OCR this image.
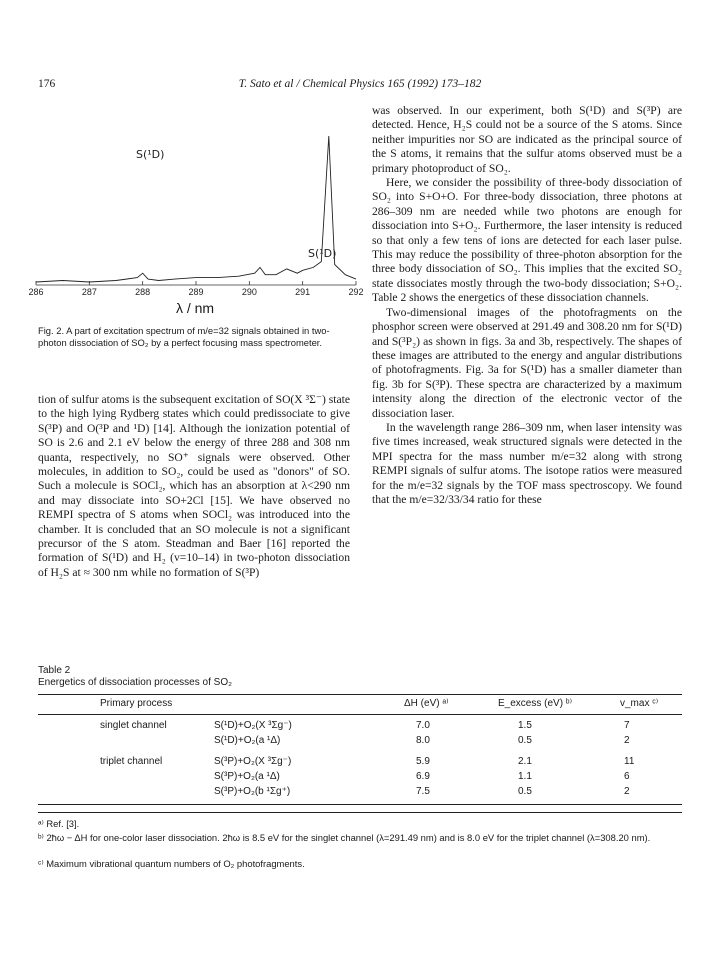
176	T. Sato et al / Chemical Physics 165 (1992) 173–182
286	287	288	289	290	291	292
S(¹D)
S(¹D)
λ / nm
Fig. 2. A part of excitation spectrum of m/e=32 signals obtained in two-photon dissociation of SO₂ by a perfect focusing mass spectrometer.

tion of sulfur atoms is the subsequent excitation of SO(X ³Σ⁻) state to the high lying Rydberg states which could predissociate to give S(³P) and O(³P and ¹D) [14]. Although the ionization potential of SO is 2.6 and 2.1 eV below the energy of three 288 and 308 nm quanta, respectively, no SO⁺ signals were observed. Other molecules, in addition to SO₂, could be used as "donors" of SO. Such a molecule is SOCl₂, which has an absorption at λ<290 nm and may dissociate into SO+2Cl [15]. We have observed no REMPI spectra of S atoms when SOCl₂ was introduced into the chamber. It is concluded that an SO molecule is not a significant precursor of the S atom. Steadman and Baer [16] reported the formation of S(¹D) and H₂ (v=10–14) in two-photon dissociation of H₂S at ≈ 300 nm while no formation of S(³P)

was observed. In our experiment, both S(¹D) and S(³P) are detected. Hence, H₂S could not be a source of the S atoms. Since neither impurities nor SO are indicated as the principal source of the S atoms, it remains that the sulfur atoms observed must be a primary photoproduct of SO₂.

Here, we consider the possibility of three-body dissociation of SO₂ into S+O+O. For three-body dissociation, three photons at 286–309 nm are needed while two photons are enough for dissociation into S+O₂. Furthermore, the laser intensity is reduced so that only a few tens of ions are detected for each laser pulse. This may reduce the possibility of three-photon absorption for the three body dissociation of SO₂. This implies that the excited SO₂ state dissociates mostly through the two-body dissociation; S+O₂. Table 2 shows the energetics of these dissociation channels.

Two-dimensional images of the photofragments on the phosphor screen were observed at 291.49 and 308.20 nm for S(¹D) and S(³P₂) as shown in figs. 3a and 3b, respectively. The shapes of these images are attributed to the energy and angular distributions of photofragments. Fig. 3a for S(¹D) has a smaller diameter than fig. 3b for S(³P). These spectra are characterized by a maximum intensity along the direction of the electronic vector of the dissociation laser.

In the wavelength range 286–309 nm, when laser intensity was five times increased, weak structured signals were detected in the MPI spectra for the mass number m/e=32 along with strong REMPI signals of sulfur atoms. The isotope ratios were measured for the m/e=32 signals by the TOF mass spectroscopy. We found that the m/e=32/33/34 ratio for these

Table 2
Energetics of dissociation processes of SO₂
Primary process	ΔH (eV) ᵃ⁾	E_excess (eV) ᵇ⁾	v_max ᶜ⁾
singlet channel	S(¹D)+O₂(X ³Σg⁻)	7.0	1.5	7
S(¹D)+O₂(a ¹Δ)	8.0	0.5	2
triplet channel	S(³P)+O₂(X ³Σg⁻)	5.9	2.1	11
S(³P)+O₂(a ¹Δ)	6.9	1.1	6
S(³P)+O₂(b ¹Σg⁺)	7.5	0.5	2
ᵃ⁾ Ref. [3].
ᵇ⁾ 2ħω − ΔH for one-color laser dissociation. 2ħω is 8.5 eV for the singlet channel (λ=291.49 nm) and is 8.0 eV for the triplet channel (λ=308.20 nm).
ᶜ⁾ Maximum vibrational quantum numbers of O₂ photofragments.
